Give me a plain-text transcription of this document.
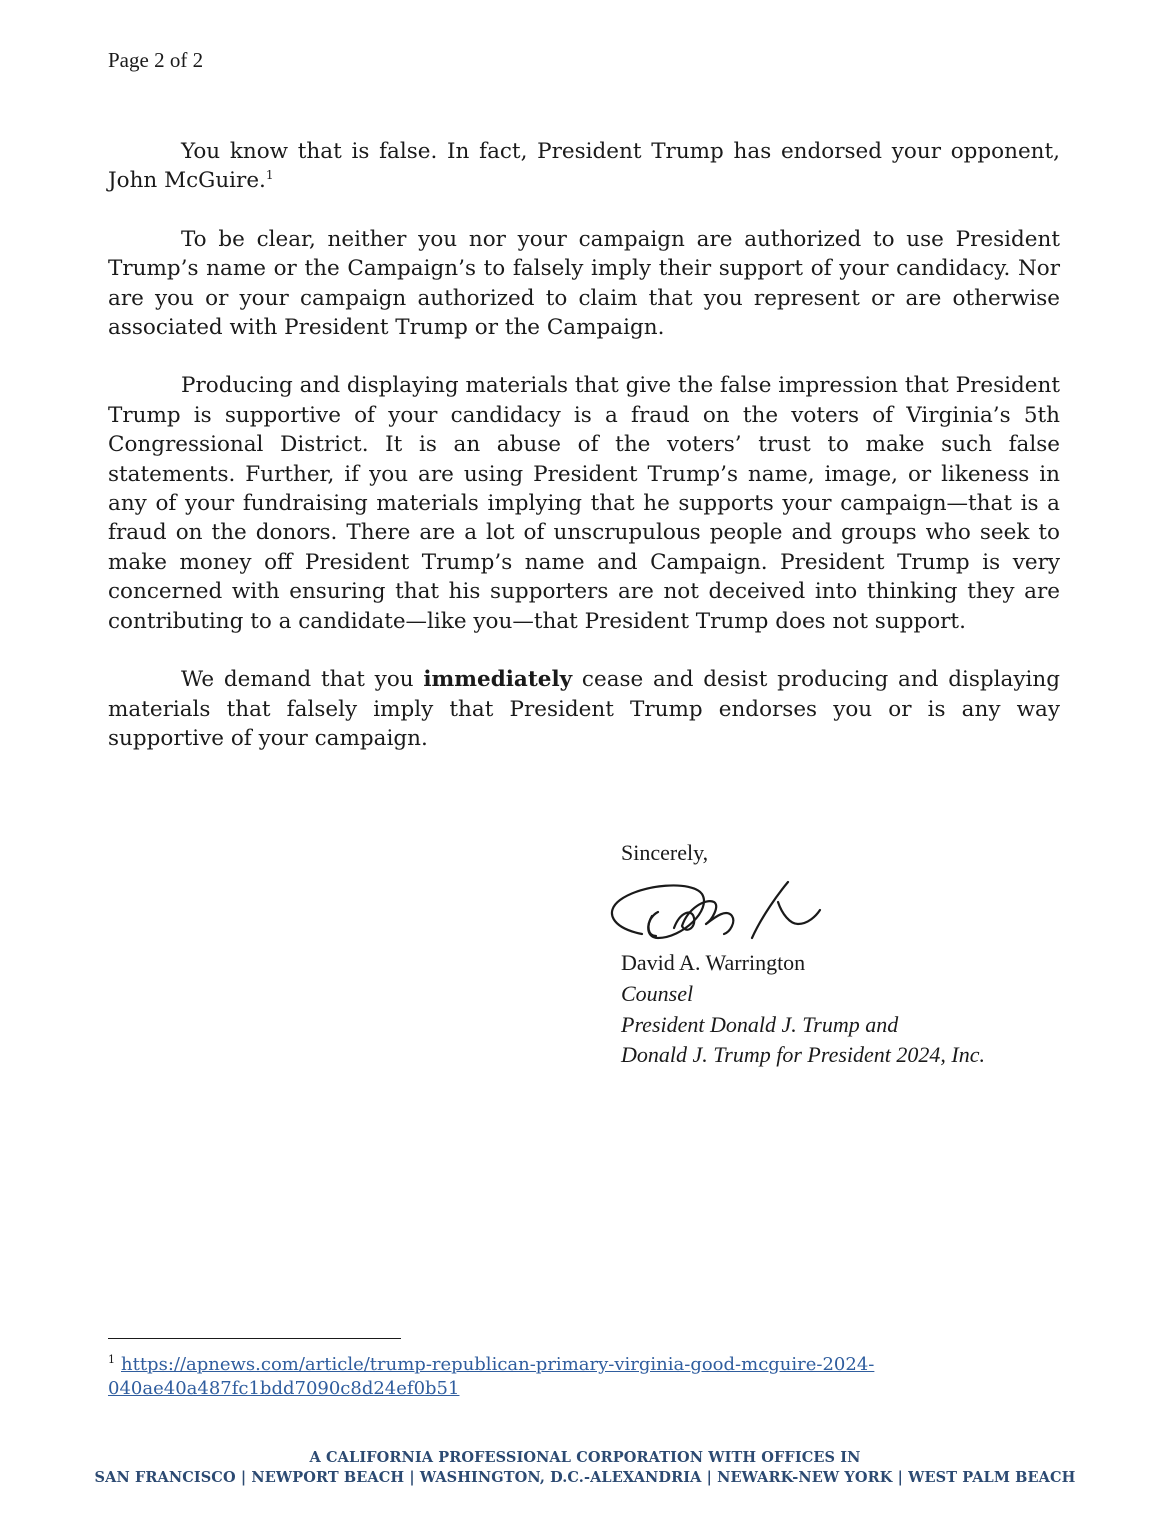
Page 2 of 2

You know that is false. In fact, President Trump has endorsed your opponent, John McGuire.$^1$

To be clear, neither you nor your campaign are authorized to use President Trump’s name or the Campaign’s to falsely imply their support of your candidacy. Nor are you or your campaign authorized to claim that you represent or are otherwise associated with President Trump or the Campaign.

Producing and displaying materials that give the false impression that President Trump is supportive of your candidacy is a fraud on the voters of Virginia’s 5th Congressional District. It is an abuse of the voters’ trust to make such false statements. Further, if you are using President Trump’s name, image, or likeness in any of your fundraising materials implying that he supports your campaign—that is a fraud on the donors. There are a lot of unscrupulous people and groups who seek to make money off President Trump’s name and Campaign. President Trump is very concerned with ensuring that his supporters are not deceived into thinking they are contributing to a candidate—like you—that President Trump does not support.

We demand that you immediately cease and desist producing and displaying materials that falsely imply that President Trump endorses you or is any way supportive of your campaign.

Sincerely,
David A. Warrington
Counsel
President Donald J. Trump and
Donald J. Trump for President 2024, Inc.
$^1$ https://apnews.com/article/trump-republican-primary-virginia-good-mcguire-2024-
040ae40a487fc1bdd7090c8d24ef0b51
A CALIFORNIA PROFESSIONAL CORPORATION WITH OFFICES IN
SAN FRANCISCO | NEWPORT BEACH | WASHINGTON, D.C.-ALEXANDRIA | NEWARK-NEW YORK | WEST PALM BEACH
